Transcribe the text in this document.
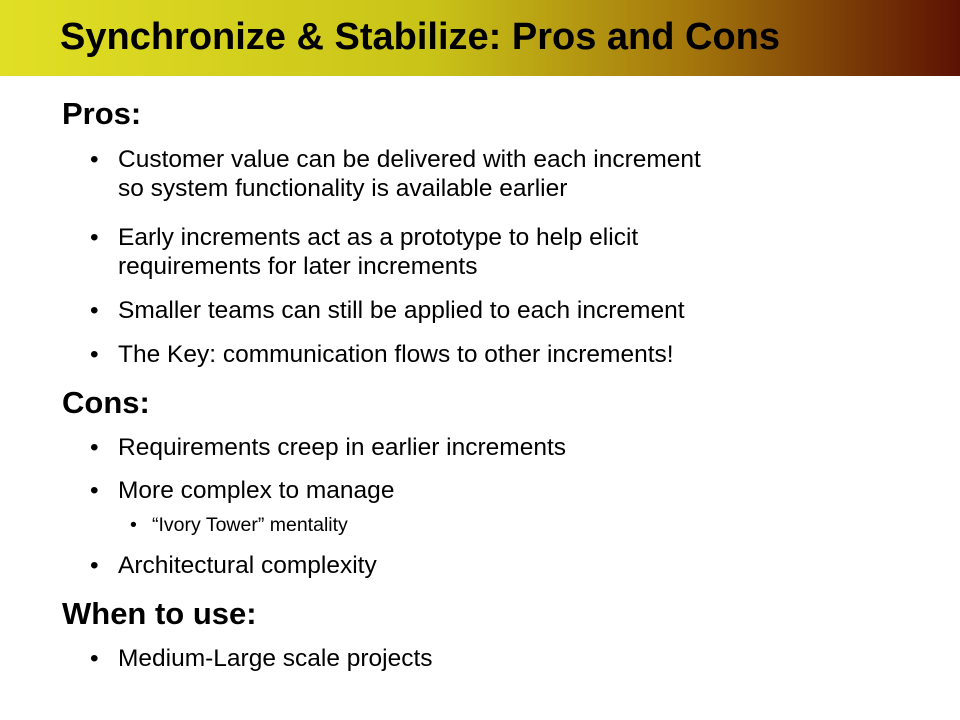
Synchronize & Stabilize: Pros and Cons
Pros:
• Customer value can be delivered with each increment
so system functionality is available earlier
• Early increments act as a prototype to help elicit
requirements for later increments
• Smaller teams can still be applied to each increment
• The Key: communication flows to other increments!
Cons:
• Requirements creep in earlier increments
• More complex to manage
• “Ivory Tower” mentality
• Architectural complexity
When to use:
• Medium-Large scale projects
